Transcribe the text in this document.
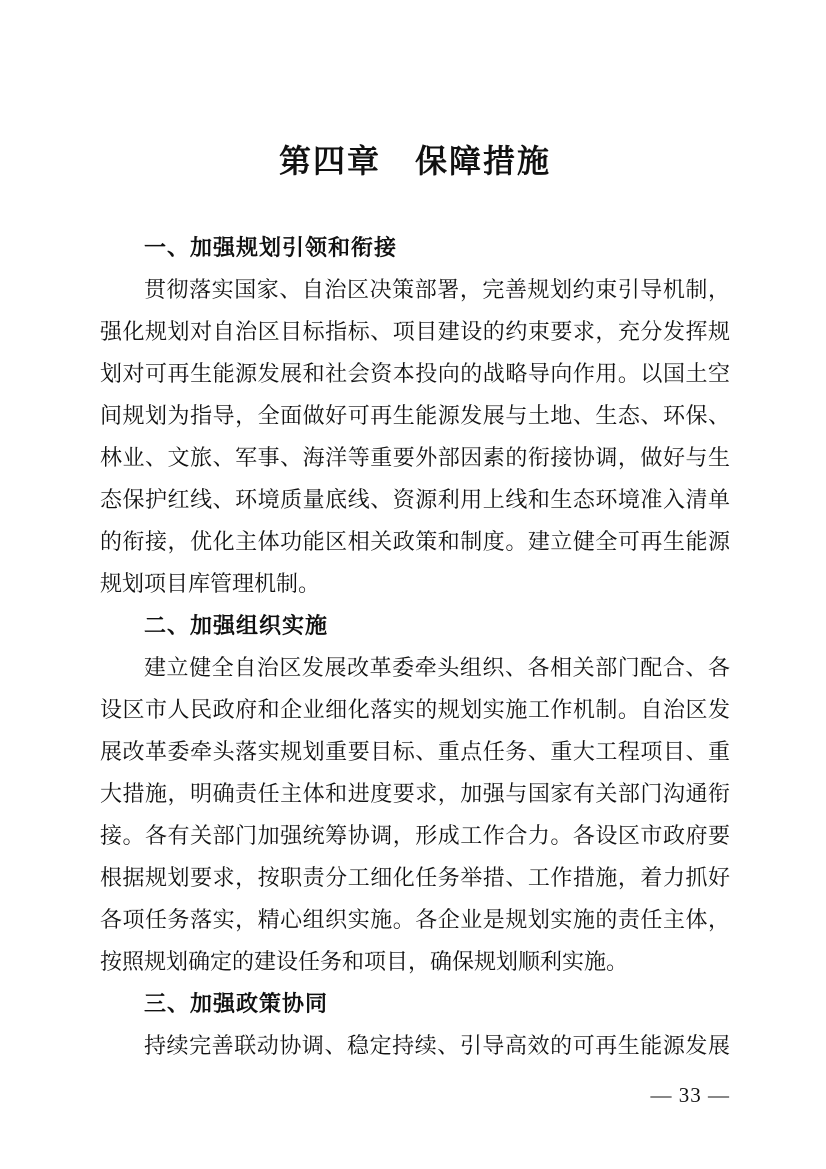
第四章　保障措施
一、加强规划引领和衔接
贯彻落实国家、自治区决策部署，完善规划约束引导机制，
强化规划对自治区目标指标、项目建设的约束要求，充分发挥规
划对可再生能源发展和社会资本投向的战略导向作用。以国土空
间规划为指导，全面做好可再生能源发展与土地、生态、环保、
林业、文旅、军事、海洋等重要外部因素的衔接协调，做好与生
态保护红线、环境质量底线、资源利用上线和生态环境准入清单
的衔接，优化主体功能区相关政策和制度。建立健全可再生能源
规划项目库管理机制。
二、加强组织实施
建立健全自治区发展改革委牵头组织、各相关部门配合、各
设区市人民政府和企业细化落实的规划实施工作机制。自治区发
展改革委牵头落实规划重要目标、重点任务、重大工程项目、重
大措施，明确责任主体和进度要求，加强与国家有关部门沟通衔
接。各有关部门加强统筹协调，形成工作合力。各设区市政府要
根据规划要求，按职责分工细化任务举措、工作措施，着力抓好
各项任务落实，精心组织实施。各企业是规划实施的责任主体，
按照规划确定的建设任务和项目，确保规划顺利实施。
三、加强政策协同
持续完善联动协调、稳定持续、引导高效的可再生能源发展
— 33 —
